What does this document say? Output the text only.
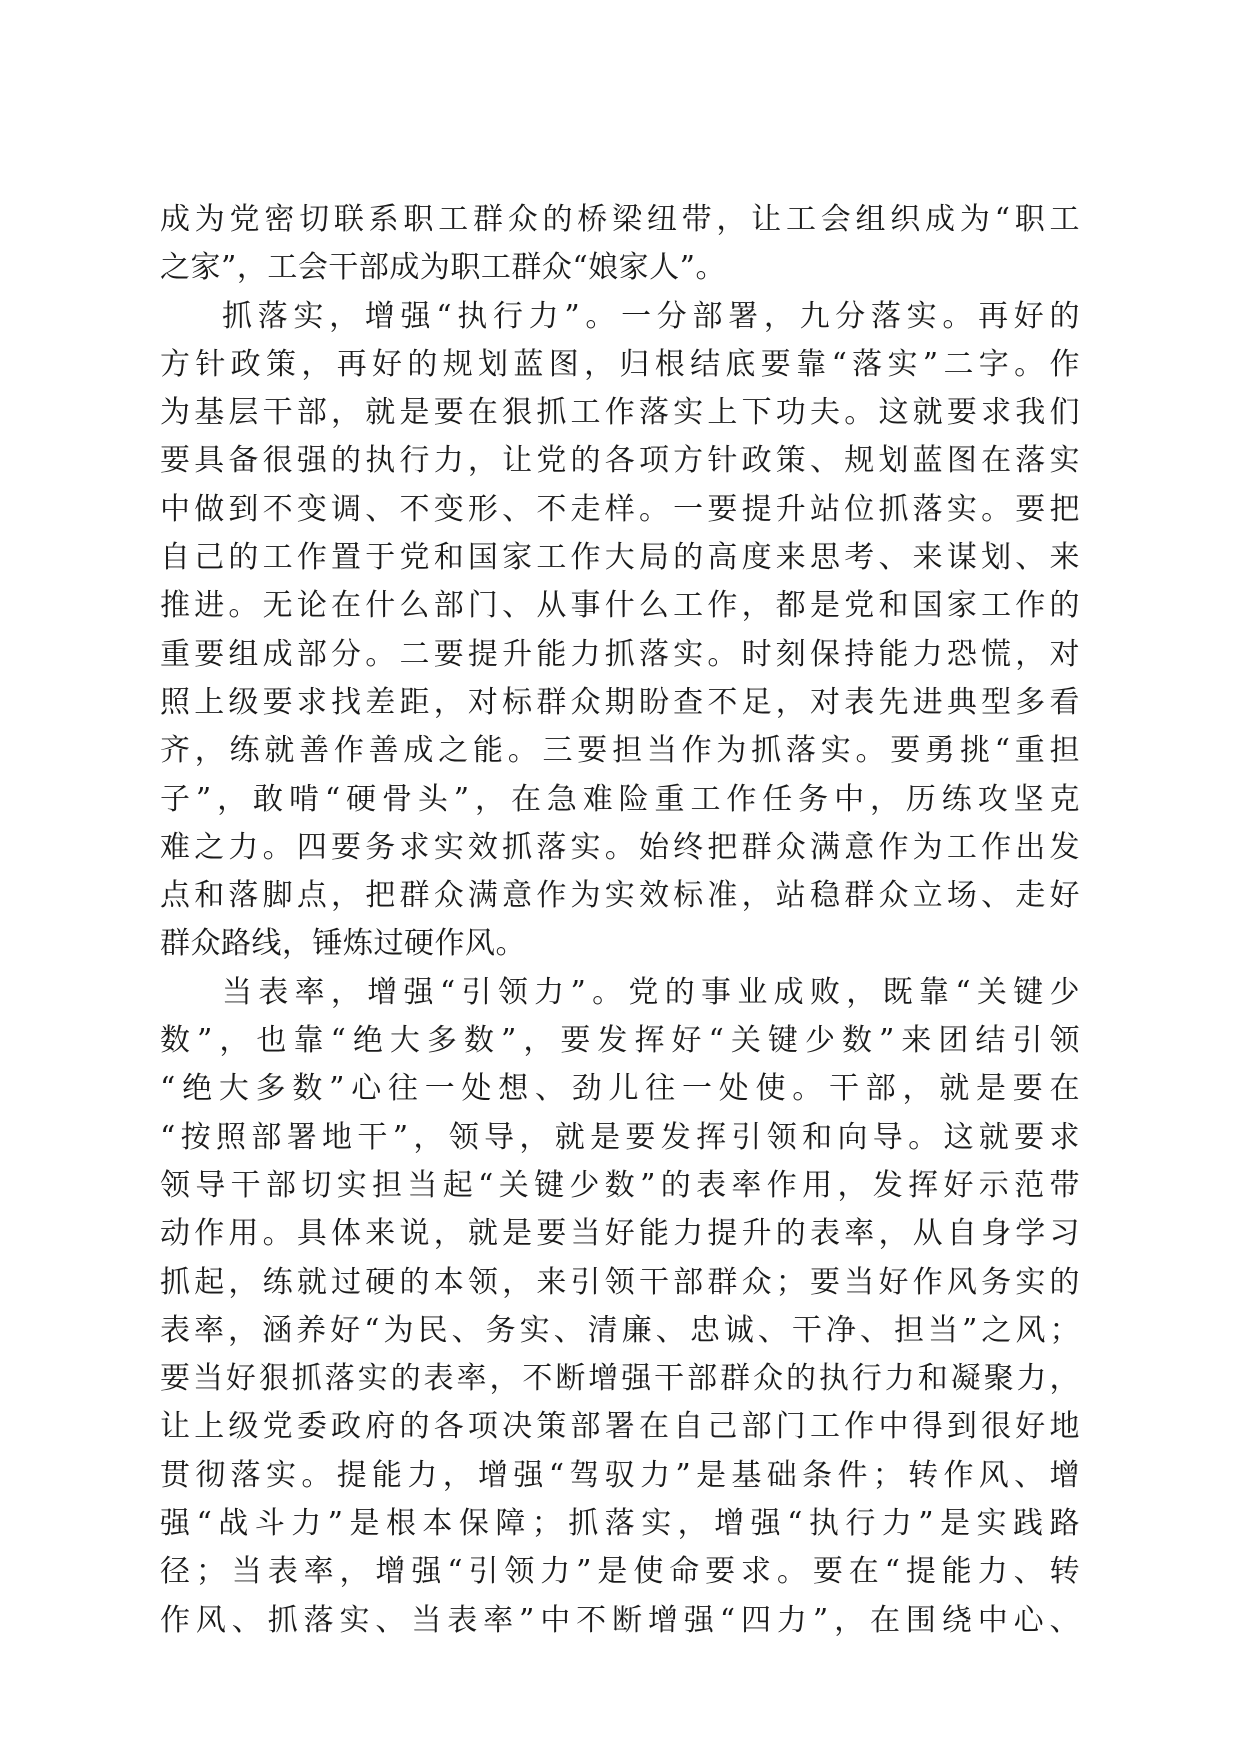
成为党密切联系职工群众的桥梁纽带，让工会组织成为“职工
之家”，工会干部成为职工群众“娘家人”。
抓落实，增强“执行力”。一分部署，九分落实。再好的
方针政策，再好的规划蓝图，归根结底要靠“落实”二字。作
为基层干部，就是要在狠抓工作落实上下功夫。这就要求我们
要具备很强的执行力，让党的各项方针政策、规划蓝图在落实
中做到不变调、不变形、不走样。一要提升站位抓落实。要把
自己的工作置于党和国家工作大局的高度来思考、来谋划、来
推进。无论在什么部门、从事什么工作，都是党和国家工作的
重要组成部分。二要提升能力抓落实。时刻保持能力恐慌，对
照上级要求找差距，对标群众期盼查不足，对表先进典型多看
齐，练就善作善成之能。三要担当作为抓落实。要勇挑“重担
子”，敢啃“硬骨头”，在急难险重工作任务中，历练攻坚克
难之力。四要务求实效抓落实。始终把群众满意作为工作出发
点和落脚点，把群众满意作为实效标准，站稳群众立场、走好
群众路线，锤炼过硬作风。
当表率，增强“引领力”。党的事业成败，既靠“关键少
数”，也靠“绝大多数”，要发挥好“关键少数”来团结引领
“绝大多数”心往一处想、劲儿往一处使。干部，就是要在
“按照部署地干”，领导，就是要发挥引领和向导。这就要求
领导干部切实担当起“关键少数”的表率作用，发挥好示范带
动作用。具体来说，就是要当好能力提升的表率，从自身学习
抓起，练就过硬的本领，来引领干部群众；要当好作风务实的
表率，涵养好“为民、务实、清廉、忠诚、干净、担当”之风；
要当好狠抓落实的表率，不断增强干部群众的执行力和凝聚力，
让上级党委政府的各项决策部署在自己部门工作中得到很好地
贯彻落实。提能力，增强“驾驭力”是基础条件；转作风、增
强“战斗力”是根本保障；抓落实，增强“执行力”是实践路
径；当表率，增强“引领力”是使命要求。要在“提能力、转
作风、抓落实、当表率”中不断增强“四力”，在围绕中心、
